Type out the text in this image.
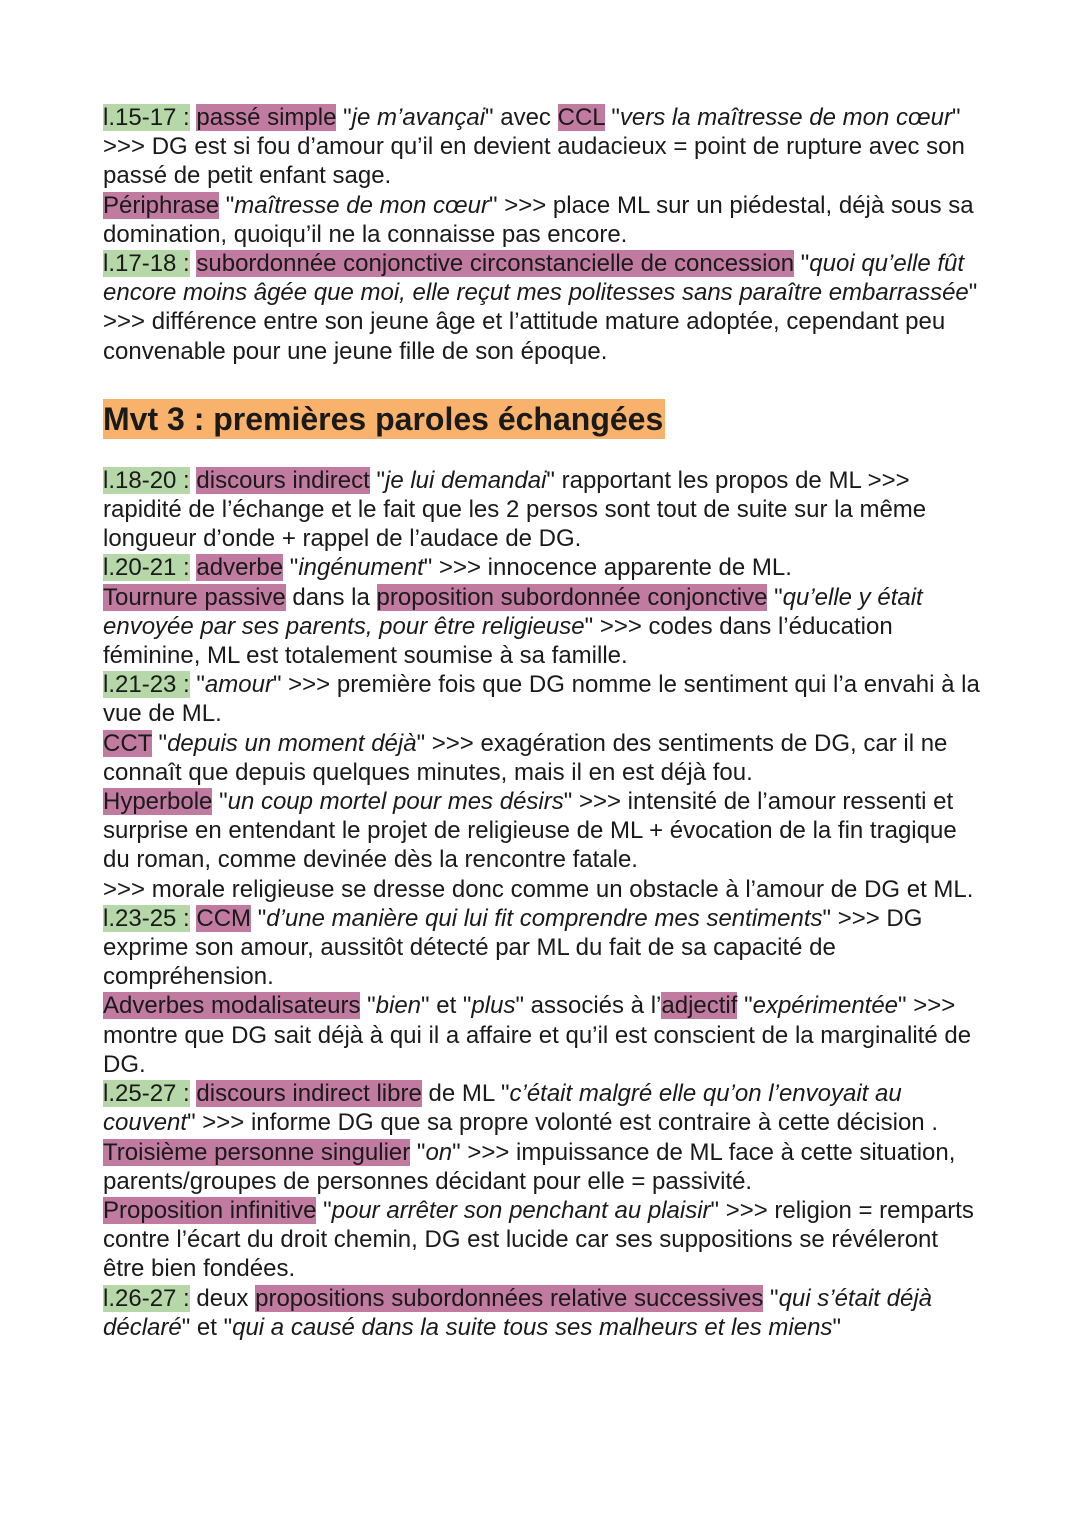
l.15-17 : passé simple "je m’avançai" avec CCL "vers la maîtresse de mon cœur" >>> DG est si fou d’amour qu’il en devient audacieux = point de rupture avec son passé de petit enfant sage.

Périphrase "maîtresse de mon cœur" >>> place ML sur un piédestal, déjà sous sa domination, quoiqu’il ne la connaisse pas encore.

l.17-18 : subordonnée conjonctive circonstancielle de concession "quoi qu’elle fût encore moins âgée que moi, elle reçut mes politesses sans paraître embarrassée" >>> différence entre son jeune âge et l’attitude mature adoptée, cependant peu convenable pour une jeune fille de son époque.

Mvt 3 : premières paroles échangées

l.18-20 : discours indirect "je lui demandai" rapportant les propos de ML >>> rapidité de l’échange et le fait que les 2 persos sont tout de suite sur la même longueur d’onde + rappel de l’audace de DG.

l.20-21 : adverbe "ingénument" >>> innocence apparente de ML.

Tournure passive dans la proposition subordonnée conjonctive "qu’elle y était envoyée par ses parents, pour être religieuse" >>> codes dans l’éducation féminine, ML est totalement soumise à sa famille.

l.21-23 : "amour" >>> première fois que DG nomme le sentiment qui l’a envahi à la vue de ML.

CCT "depuis un moment déjà" >>> exagération des sentiments de DG, car il ne connaît que depuis quelques minutes, mais il en est déjà fou.

Hyperbole "un coup mortel pour mes désirs" >>> intensité de l’amour ressenti et surprise en entendant le projet de religieuse de ML + évocation de la fin tragique du roman, comme devinée dès la rencontre fatale.

>>> morale religieuse se dresse donc comme un obstacle à l’amour de DG et ML.

l.23-25 : CCM "d’une manière qui lui fit comprendre mes sentiments" >>> DG exprime son amour, aussitôt détecté par ML du fait de sa capacité de compréhension.

Adverbes modalisateurs "bien" et "plus" associés à l’adjectif "expérimentée" >>> montre que DG sait déjà à qui il a affaire et qu’il est conscient de la marginalité de DG.

l.25-27 : discours indirect libre de ML "c’était malgré elle qu’on l’envoyait au couvent" >>> informe DG que sa propre volonté est contraire à cette décision .

Troisième personne singulier "on" >>> impuissance de ML face à cette situation, parents/groupes de personnes décidant pour elle = passivité.

Proposition infinitive "pour arrêter son penchant au plaisir" >>> religion = remparts contre l’écart du droit chemin, DG est lucide car ses suppositions se révéleront être bien fondées.

l.26-27 : deux propositions subordonnées relative successives "qui s’était déjà déclaré" et "qui a causé dans la suite tous ses malheurs et les miens"
